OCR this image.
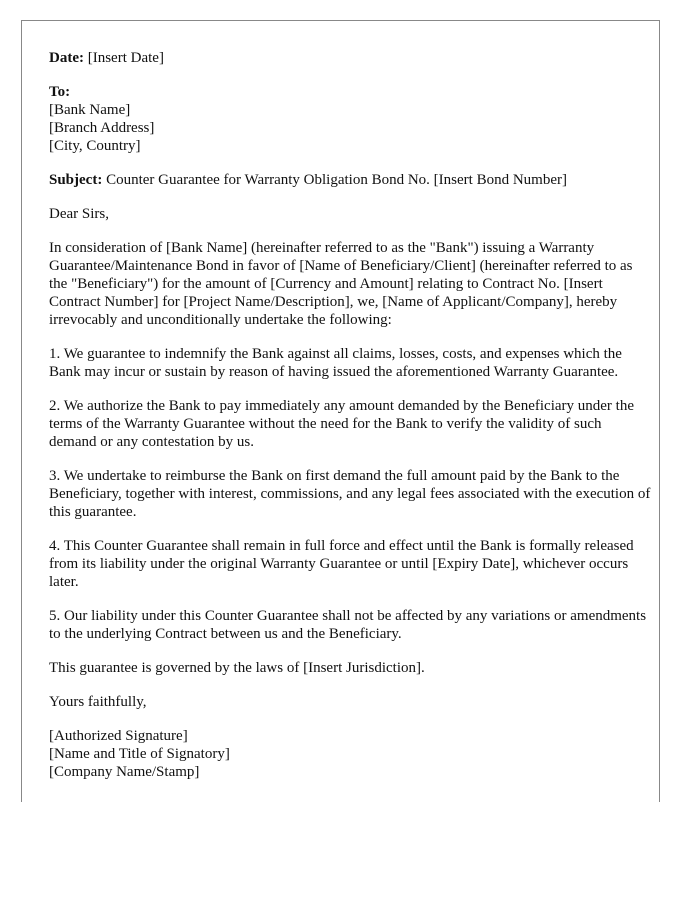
Date: [Insert Date]

To:
[Bank Name]
[Branch Address]
[City, Country]

Subject: Counter Guarantee for Warranty Obligation Bond No. [Insert Bond Number]

Dear Sirs,

In consideration of [Bank Name] (hereinafter referred to as the "Bank") issuing a Warranty Guarantee/Maintenance Bond in favor of [Name of Beneficiary/Client] (hereinafter referred to as the "Beneficiary") for the amount of [Currency and Amount] relating to Contract No. [Insert Contract Number] for [Project Name/Description], we, [Name of Applicant/Company], hereby irrevocably and unconditionally undertake the following:

1. We guarantee to indemnify the Bank against all claims, losses, costs, and expenses which the Bank may incur or sustain by reason of having issued the aforementioned Warranty Guarantee.

2. We authorize the Bank to pay immediately any amount demanded by the Beneficiary under the terms of the Warranty Guarantee without the need for the Bank to verify the validity of such demand or any contestation by us.

3. We undertake to reimburse the Bank on first demand the full amount paid by the Bank to the Beneficiary, together with interest, commissions, and any legal fees associated with the execution of this guarantee.

4. This Counter Guarantee shall remain in full force and effect until the Bank is formally released from its liability under the original Warranty Guarantee or until [Expiry Date], whichever occurs later.

5. Our liability under this Counter Guarantee shall not be affected by any variations or amendments to the underlying Contract between us and the Beneficiary.

This guarantee is governed by the laws of [Insert Jurisdiction].

Yours faithfully,

[Authorized Signature]

[Name and Title of Signatory]

[Company Name/Stamp]
